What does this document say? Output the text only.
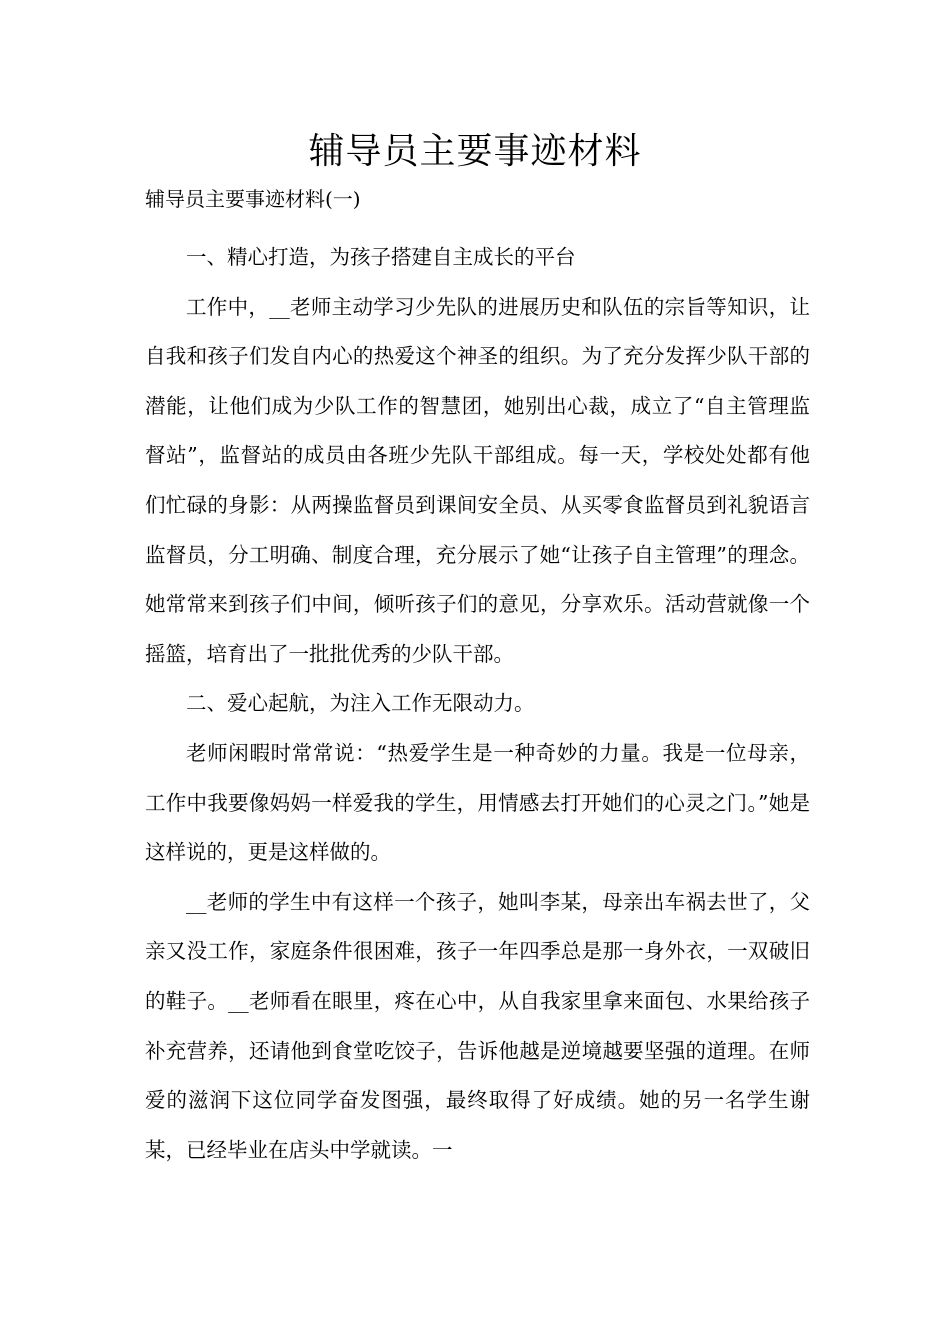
辅导员主要事迹材料
辅导员主要事迹材料(一)

一、精心打造，为孩子搭建自主成长的平台

工作中，__老师主动学习少先队的进展历史和队伍的宗旨等知识，让自我和孩子们发自内心的热爱这个神圣的组织。为了充分发挥少队干部的潜能，让他们成为少队工作的智慧团，她别出心裁，成立了“自主管理监督站”，监督站的成员由各班少先队干部组成。每一天，学校处处都有他们忙碌的身影：从两操监督员到课间安全员、从买零食监督员到礼貌语言监督员，分工明确、制度合理，充分展示了她“让孩子自主管理”的理念。她常常来到孩子们中间，倾听孩子们的意见，分享欢乐。活动营就像一个摇篮，培育出了一批批优秀的少队干部。

二、爱心起航，为注入工作无限动力。

老师闲暇时常常说：“热爱学生是一种奇妙的力量。我是一位母亲，工作中我要像妈妈一样爱我的学生，用情感去打开她们的心灵之门。”她是这样说的，更是这样做的。

__老师的学生中有这样一个孩子，她叫李某，母亲出车祸去世了，父亲又没工作，家庭条件很困难，孩子一年四季总是那一身外衣，一双破旧的鞋子。__老师看在眼里，疼在心中，从自我家里拿来面包、水果给孩子补充营养，还请他到食堂吃饺子，告诉他越是逆境越要坚强的道理。在师爱的滋润下这位同学奋发图强，最终取得了好成绩。她的另一名学生谢某，已经毕业在店头中学就读。一
